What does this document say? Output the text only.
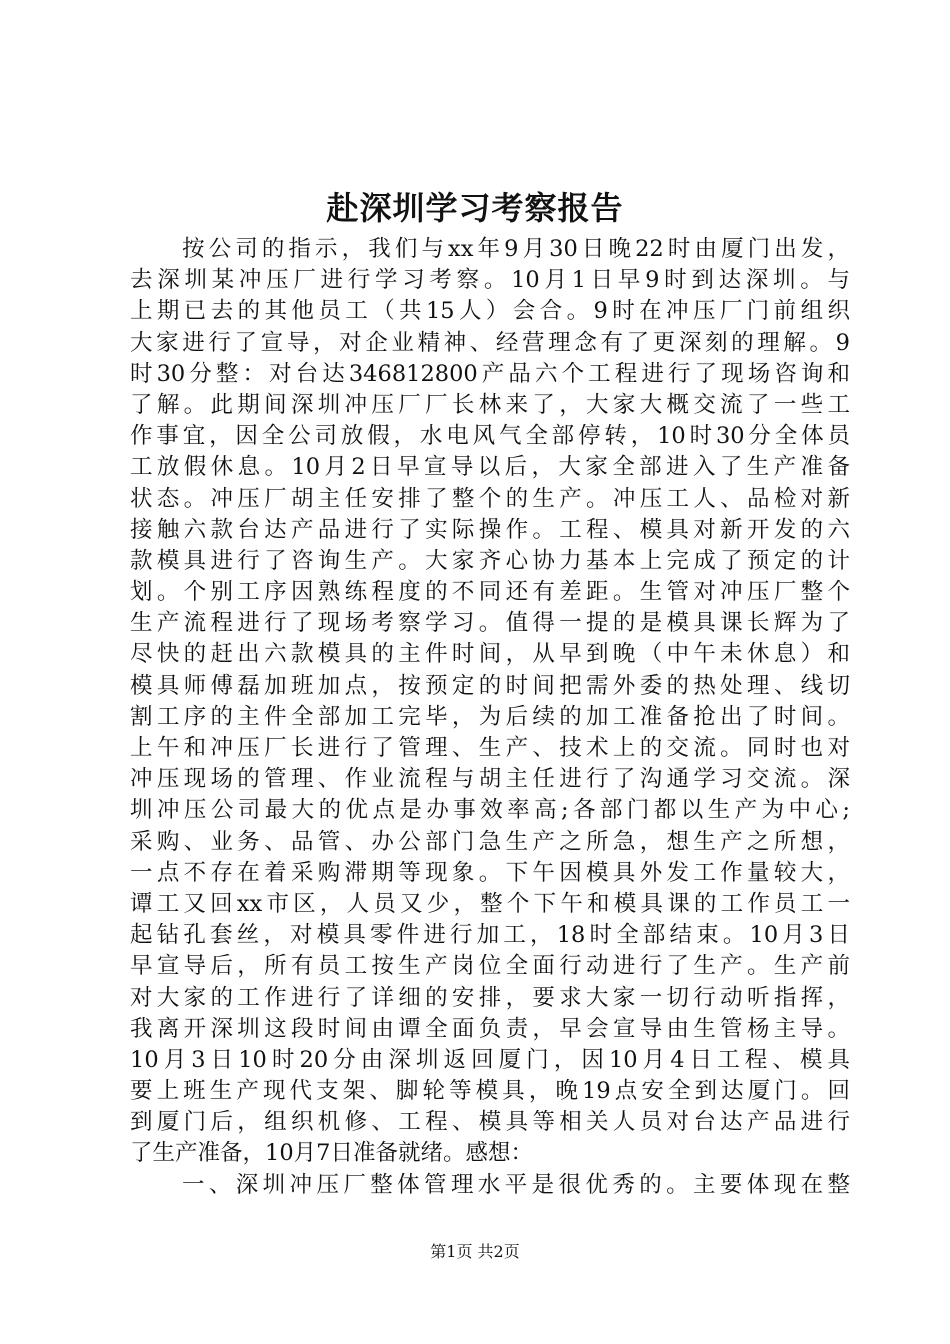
赴深圳学习考察报告
按公司的指示，我们与xx年9月30日晚22时由厦门出发，
去深圳某冲压厂进行学习考察。10月1日早9时到达深圳。与
上期已去的其他员工（共15人）会合。9时在冲压厂门前组织
大家进行了宣导，对企业精神、经营理念有了更深刻的理解。9
时30分整：对台达346812800产品六个工程进行了现场咨询和
了解。此期间深圳冲压厂厂长林来了，大家大概交流了一些工
作事宜，因全公司放假，水电风气全部停转，10时30分全体员
工放假休息。10月2日早宣导以后，大家全部进入了生产准备
状态。冲压厂胡主任安排了整个的生产。冲压工人、品检对新
接触六款台达产品进行了实际操作。工程、模具对新开发的六
款模具进行了咨询生产。大家齐心协力基本上完成了预定的计
划。个别工序因熟练程度的不同还有差距。生管对冲压厂整个
生产流程进行了现场考察学习。值得一提的是模具课长辉为了
尽快的赶出六款模具的主件时间，从早到晚（中午未休息）和
模具师傅磊加班加点，按预定的时间把需外委的热处理、线切
割工序的主件全部加工完毕，为后续的加工准备抢出了时间。
上午和冲压厂长进行了管理、生产、技术上的交流。同时也对
冲压现场的管理、作业流程与胡主任进行了沟通学习交流。深
圳冲压公司最大的优点是办事效率高;各部门都以生产为中心;
采购、业务、品管、办公部门急生产之所急，想生产之所想，
一点不存在着采购滞期等现象。下午因模具外发工作量较大，
谭工又回xx市区，人员又少，整个下午和模具课的工作员工一
起钻孔套丝，对模具零件进行加工，18时全部结束。10月3日
早宣导后，所有员工按生产岗位全面行动进行了生产。生产前
对大家的工作进行了详细的安排，要求大家一切行动听指挥，
我离开深圳这段时间由谭全面负责，早会宣导由生管杨主导。
10月3日10时20分由深圳返回厦门，因10月4日工程、模具
要上班生产现代支架、脚轮等模具，晚19点安全到达厦门。回
到厦门后，组织机修、工程、模具等相关人员对台达产品进行
了生产准备，10月7日准备就绪。感想：
一、深圳冲压厂整体管理水平是很优秀的。主要体现在整
第1页 共2页
